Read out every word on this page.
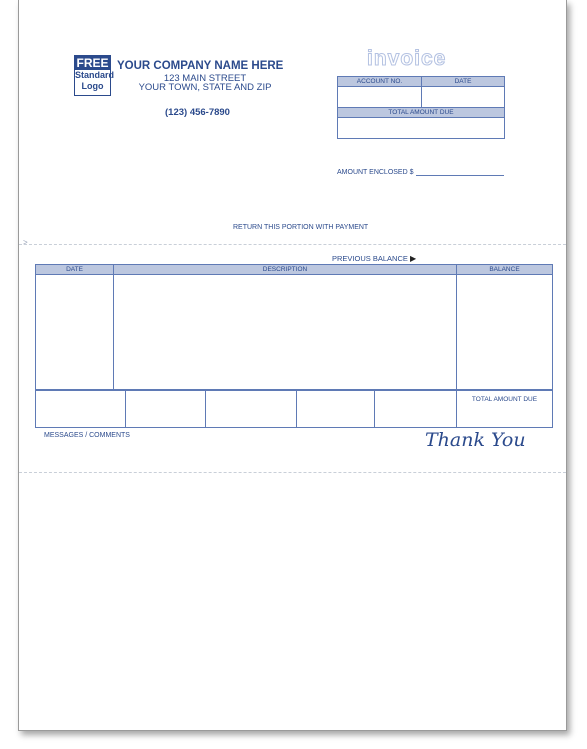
FREE
Standard
Logo
YOUR COMPANY NAME HERE
123 MAIN STREET
YOUR TOWN, STATE AND ZIP
(123) 456-7890
invoice
ACCOUNT NO.	DATE

TOTAL AMOUNT DUE	

AMOUNT ENCLOSED $
RETURN THIS PORTION WITH PAYMENT
>
PREVIOUS BALANCE ▶
DATE	DESCRIPTION	BALANCE

					TOTAL AMOUNT DUE
MESSAGES / COMMENTS	Thank You
